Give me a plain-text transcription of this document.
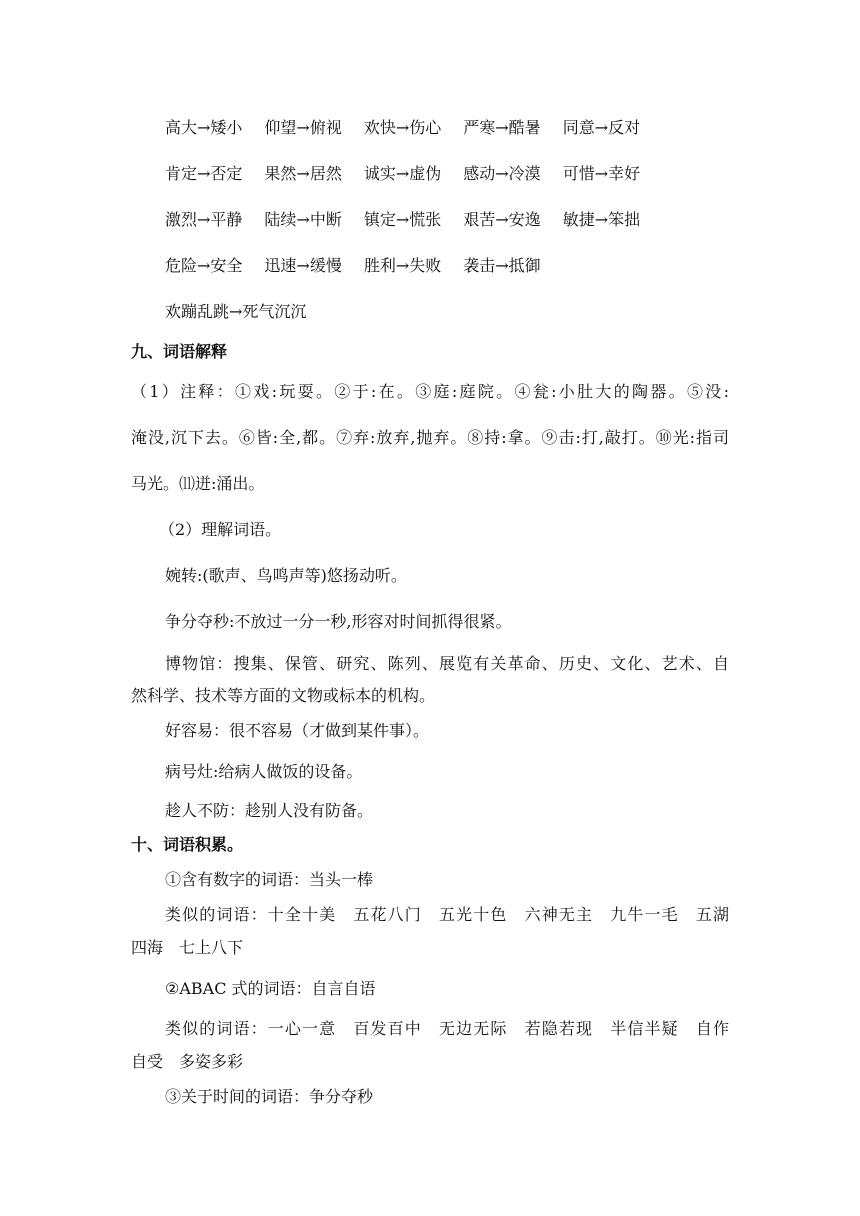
高大→矮小 仰望→俯视 欢快→伤心 严寒→酷暑 同意→反对
肯定→否定 果然→居然 诚实→虚伪 感动→冷漠 可惜→幸好
激烈→平静 陆续→中断 镇定→慌张 艰苦→安逸 敏捷→笨拙
危险→安全 迅速→缓慢 胜利→失败 袭击→抵御
欢蹦乱跳→死气沉沉
九、词语解释
（1）注释：①戏:玩耍。②于:在。③庭:庭院。④瓮:小肚大的陶器。⑤没:
淹没,沉下去。⑥皆:全,都。⑦弃:放弃,抛弃。⑧持:拿。⑨击:打,敲打。⑩光:指司
马光。⑾迸:涌出。
（2）理解词语。
婉转:(歌声、鸟鸣声等)悠扬动听。
争分夺秒:不放过一分一秒,形容对时间抓得很紧。
博物馆：搜集、保管、研究、陈列、展览有关革命、历史、文化、艺术、自
然科学、技术等方面的文物或标本的机构。
好容易：很不容易（才做到某件事）。
病号灶:给病人做饭的设备。
趁人不防：趁别人没有防备。
十、词语积累。
①含有数字的词语：当头一棒
类似的词语：十全十美　五花八门　五光十色　六神无主　九牛一毛　五湖
四海　七上八下
②ABAC 式的词语：自言自语
类似的词语：一心一意　百发百中　无边无际　若隐若现　半信半疑　自作
自受　多姿多彩
③关于时间的词语：争分夺秒
